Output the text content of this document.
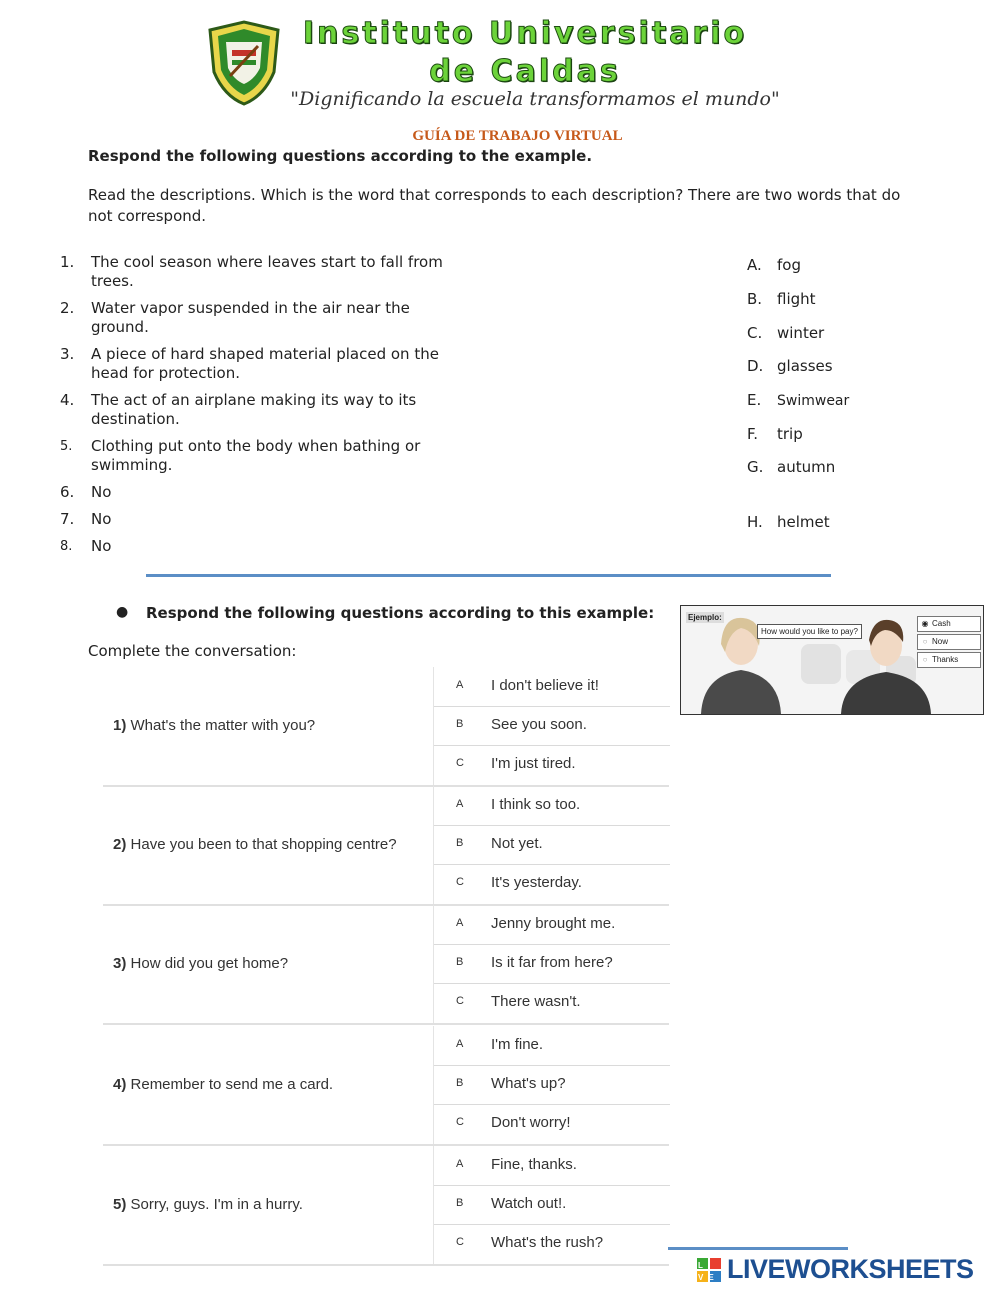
Instituto Universitario
de Caldas
"Dignificando la escuela transformamos el mundo"
GUÍA DE TRABAJO VIRTUAL
Respond the following questions according to the example.
Read the descriptions. Which is the word that corresponds to each description? There are two words that do not correspond.
1.	The cool season where leaves start to fall from trees.
2.	Water vapor suspended in the air near the ground.
3.	A piece of hard shaped material placed on the head for protection.
4.	The act of an airplane making its way to its destination.
5.	Clothing put onto the body when bathing or swimming.
6.	No
7.	No
8.	No
A. fog
B. flight
C. winter
D. glasses
E. Swimwear
F. trip
G. autumn
H. helmet
● Respond the following questions according to this example:
Complete the conversation:
Ejemplo:
How would you like to pay?
◉ Cash
○ Now
○ Thanks
1) What's the matter with you?
A I don't believe it!
B See you soon.
C I'm just tired.
2) Have you been to that shopping centre?
A I think so too.
B Not yet.
C It's yesterday.
3) How did you get home?
A Jenny brought me.
B Is it far from here?
C There wasn't.
4) Remember to send me a card.
A I'm fine.
B What's up?
C Don't worry!
5) Sorry, guys. I'm in a hurry.
A Fine, thanks.
B Watch out!.
C What's the rush?
LIVE LIVEWORKSHEETS
